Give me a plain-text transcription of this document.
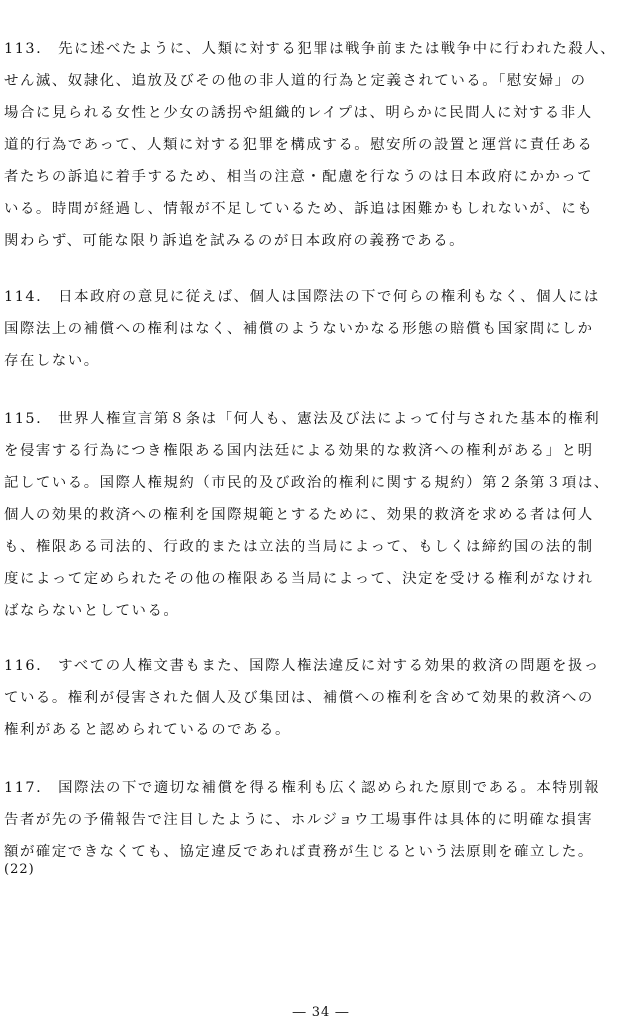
113.　先に述べたように、人類に対する犯罪は戦争前または戦争中に行われた殺人、
せん滅、奴隷化、追放及びその他の非人道的行為と定義されている。「慰安婦」の
場合に見られる女性と少女の誘拐や組織的レイプは、明らかに民間人に対する非人
道的行為であって、人類に対する犯罪を構成する。慰安所の設置と運営に責任ある
者たちの訴追に着手するため、相当の注意・配慮を行なうのは日本政府にかかって
いる。時間が経過し、情報が不足しているため、訴追は困難かもしれないが、にも
関わらず、可能な限り訴追を試みるのが日本政府の義務である。
114.　日本政府の意見に従えば、個人は国際法の下で何らの権利もなく、個人には
国際法上の補償への権利はなく、補償のようないかなる形態の賠償も国家間にしか
存在しない。
115.　世界人権宣言第８条は「何人も、憲法及び法によって付与された基本的権利
を侵害する行為につき権限ある国内法廷による効果的な救済への権利がある」と明
記している。国際人権規約（市民的及び政治的権利に関する規約）第２条第３項は、
個人の効果的救済への権利を国際規範とするために、効果的救済を求める者は何人
も、権限ある司法的、行政的または立法的当局によって、もしくは締約国の法的制
度によって定められたその他の権限ある当局によって、決定を受ける権利がなけれ
ばならないとしている。
116.　すべての人権文書もまた、国際人権法違反に対する効果的救済の問題を扱っ
ている。権利が侵害された個人及び集団は、補償への権利を含めて効果的救済への
権利があると認められているのである。
117.　国際法の下で適切な補償を得る権利も広く認められた原則である。本特別報
告者が先の予備報告で注目したように、ホルジョウ工場事件は具体的に明確な損害
額が確定できなくても、協定違反であれば責務が生じるという法原則を確立した。
(22)
― 34 ―
